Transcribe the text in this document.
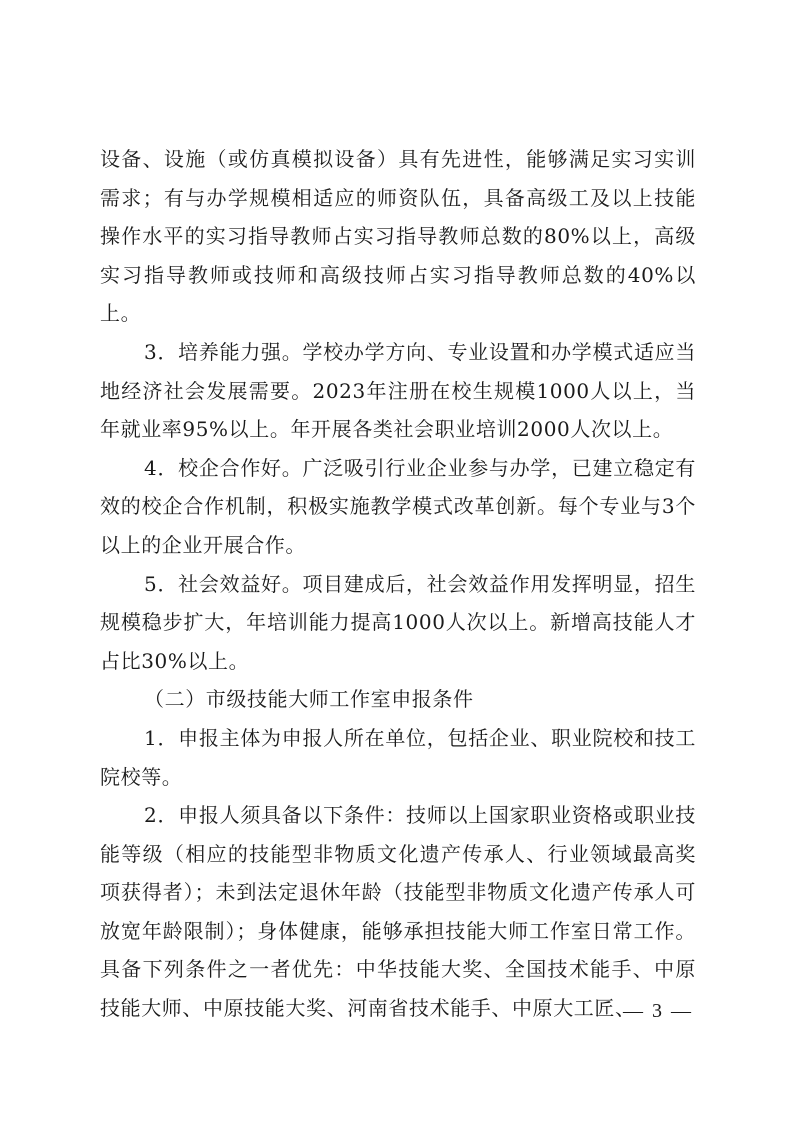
设备、设施（或仿真模拟设备）具有先进性，能够满足实习实训需求；有与办学规模相适应的师资队伍，具备高级工及以上技能操作水平的实习指导教师占实习指导教师总数的80%以上，高级实习指导教师或技师和高级技师占实习指导教师总数的40%以上。

3．培养能力强。学校办学方向、专业设置和办学模式适应当地经济社会发展需要。2023年注册在校生规模1000人以上，当年就业率95%以上。年开展各类社会职业培训2000人次以上。

4．校企合作好。广泛吸引行业企业参与办学，已建立稳定有效的校企合作机制，积极实施教学模式改革创新。每个专业与3个以上的企业开展合作。

5．社会效益好。项目建成后，社会效益作用发挥明显，招生规模稳步扩大，年培训能力提高1000人次以上。新增高技能人才占比30%以上。

（二）市级技能大师工作室申报条件

1．申报主体为申报人所在单位，包括企业、职业院校和技工院校等。

2．申报人须具备以下条件：技师以上国家职业资格或职业技能等级（相应的技能型非物质文化遗产传承人、行业领域最高奖项获得者）；未到法定退休年龄（技能型非物质文化遗产传承人可放宽年龄限制）；身体健康，能够承担技能大师工作室日常工作。具备下列条件之一者优先：中华技能大奖、全国技术能手、中原技能大师、中原技能大奖、河南省技术能手、中原大工匠、

— 3 —
